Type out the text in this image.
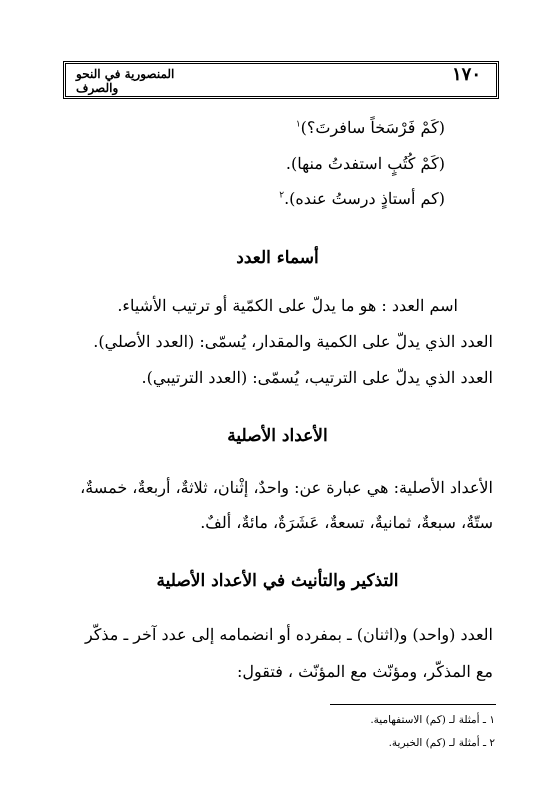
المنصورية في النحو والصرف
١٧٠
(كَمْ فَرْسَخاً سافرتَ؟)$^١$
(كَمْ كُتُبٍ استفدتُ منها).
(كم أستاذٍ درستُ عنده).$^٢$
أسماء العدد
اسم العدد : هو ما يدلّ على الكمّية أو ترتيب الأشياء.
العدد الذي يدلّ على الكمية والمقدار، يُسمّى: (العدد الأصلي).
العدد الذي يدلّ على الترتيب، يُسمّى: (العدد الترتيبي).
الأعداد الأصلية
الأعداد الأصلية: هي عبارة عن: واحدٌ، إثْنان، ثلاثةٌ، أربعةٌ، خمسةٌ،
ستّةٌ، سبعةٌ، ثمانيةٌ، تسعةٌ، عَشَرَةٌ، مائةٌ، ألفٌ.
التذكير والتأنيث في الأعداد الأصلية
العدد (واحد) و(اثنان) ـ بمفرده أو انضمامه إلى عدد آخر ـ مذكّر
مع المذكّر، ومؤنّث مع المؤنّث ، فتقول:
١ ـ أمثلة لـ (كم) الاستفهامية.
٢ ـ أمثلة لـ (كم) الخبرية.
